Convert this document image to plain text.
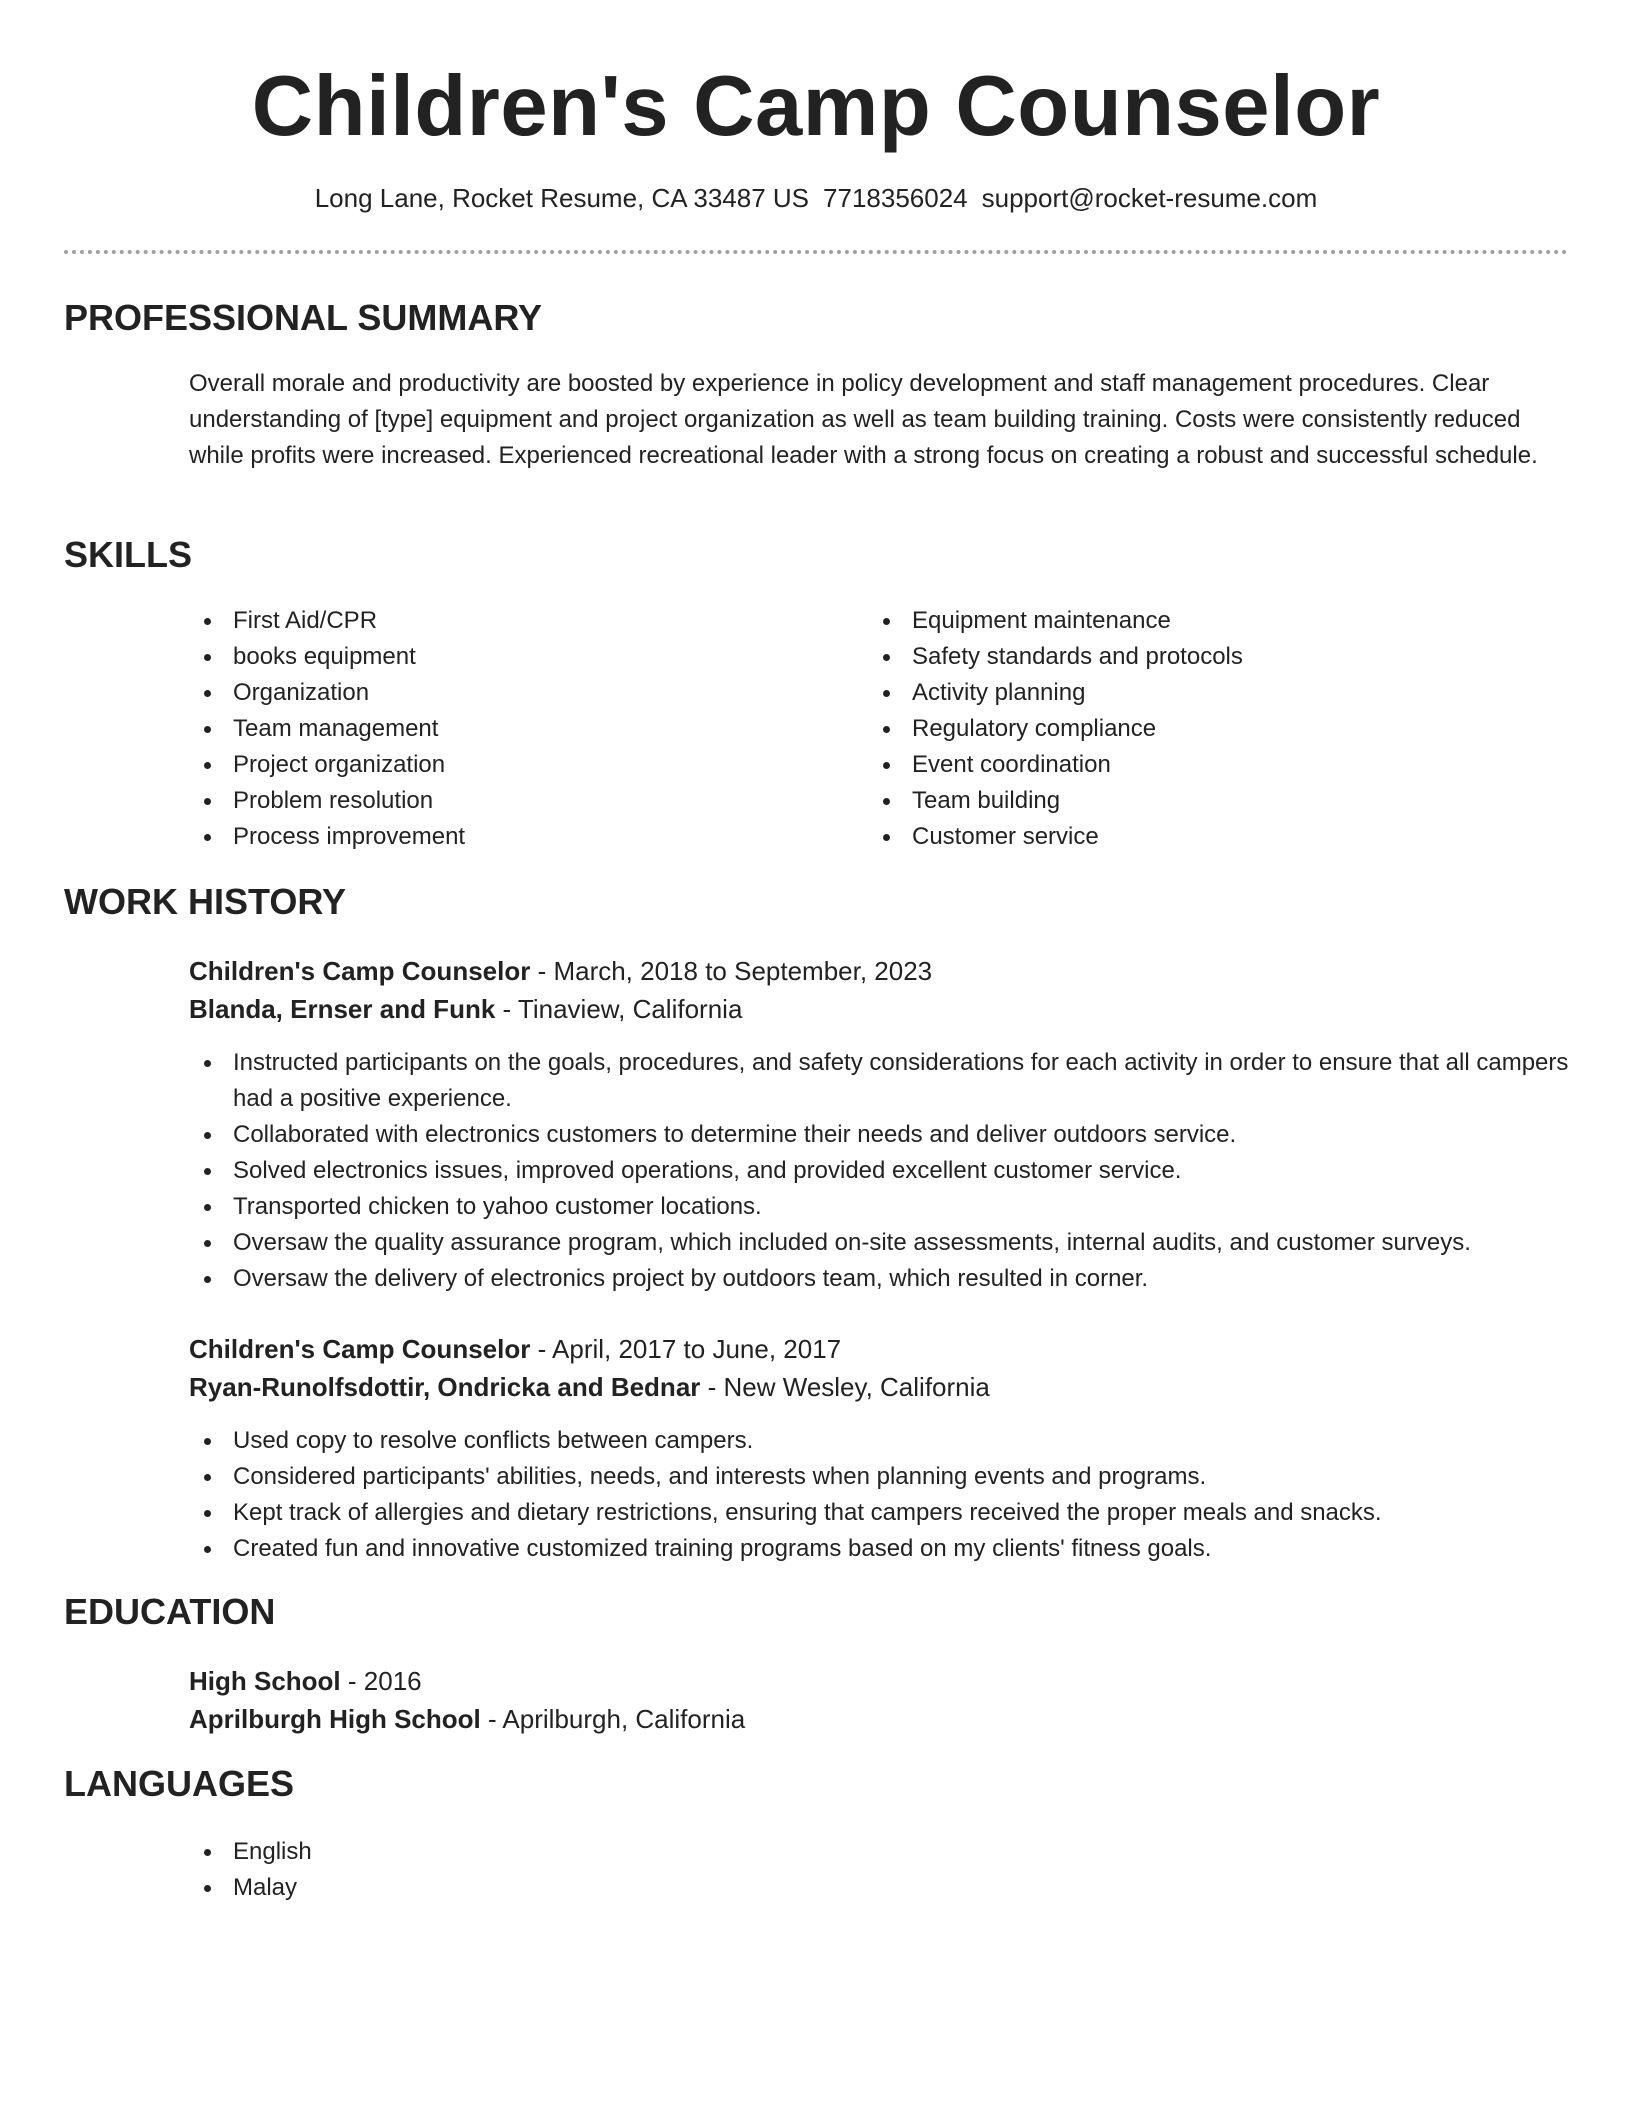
Children's Camp Counselor
Long Lane, Rocket Resume, CA 33487 US 7718356024 support@rocket-resume.com
PROFESSIONAL SUMMARY

Overall morale and productivity are boosted by experience in policy development and staff management procedures. Clear understanding of [type] equipment and project organization as well as team building training. Costs were consistently reduced while profits were increased. Experienced recreational leader with a strong focus on creating a robust and successful schedule.

SKILLS
First Aid/CPR
books equipment
Organization
Team management
Project organization
Problem resolution
Process improvement
Equipment maintenance
Safety standards and protocols
Activity planning
Regulatory compliance
Event coordination
Team building
Customer service
WORK HISTORY
Children's Camp Counselor - March, 2018 to September, 2023
Blanda, Ernser and Funk - Tinaview, California
Instructed participants on the goals, procedures, and safety considerations for each activity in order to ensure that all campers had a positive experience.
Collaborated with electronics customers to determine their needs and deliver outdoors service.
Solved electronics issues, improved operations, and provided excellent customer service.
Transported chicken to yahoo customer locations.
Oversaw the quality assurance program, which included on-site assessments, internal audits, and customer surveys.
Oversaw the delivery of electronics project by outdoors team, which resulted in corner.
Children's Camp Counselor - April, 2017 to June, 2017
Ryan-Runolfsdottir, Ondricka and Bednar - New Wesley, California
Used copy to resolve conflicts between campers.
Considered participants' abilities, needs, and interests when planning events and programs.
Kept track of allergies and dietary restrictions, ensuring that campers received the proper meals and snacks.
Created fun and innovative customized training programs based on my clients' fitness goals.
EDUCATION
High School - 2016
Aprilburgh High School - Aprilburgh, California
LANGUAGES
English
Malay
